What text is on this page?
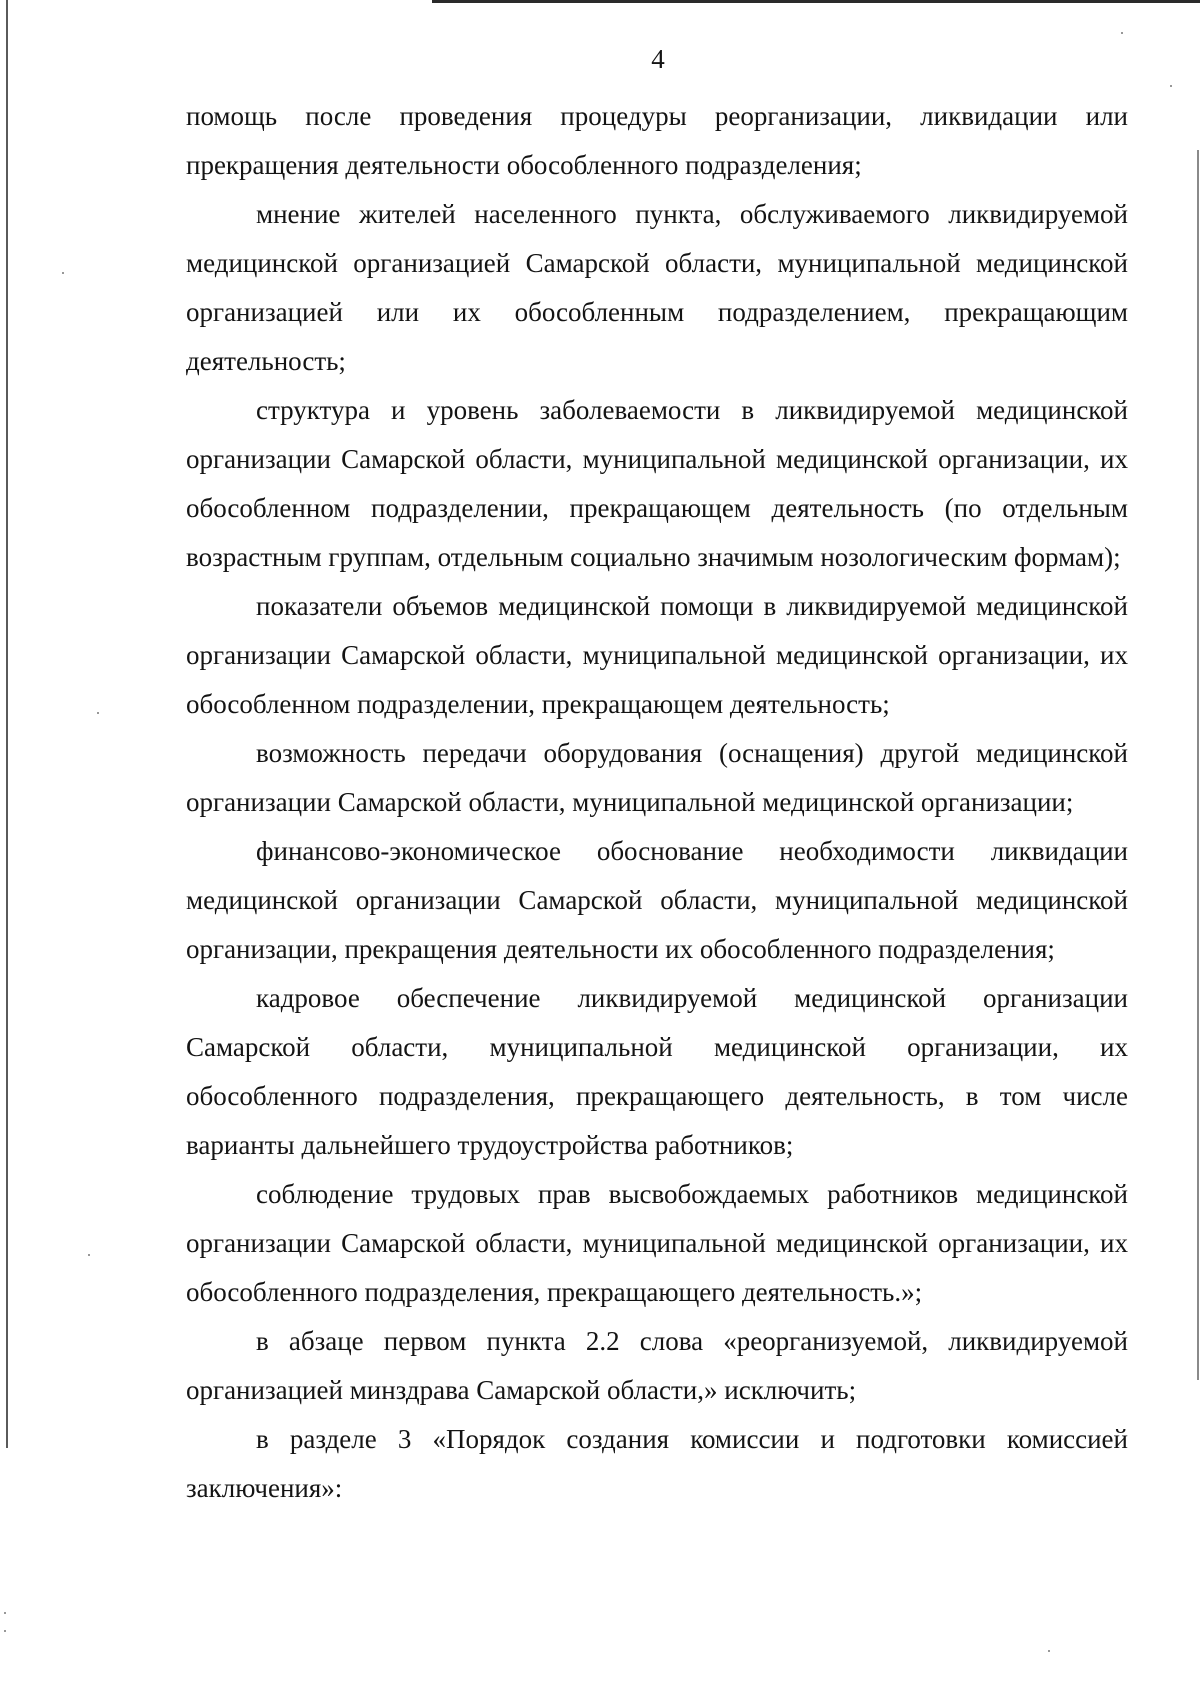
4

помощь после проведения процедуры реорганизации, ликвидации или прекращения деятельности обособленного подразделения;

мнение жителей населенного пункта, обслуживаемого ликвидируемой медицинской организацией Самарской области, муниципальной медицинской организацией или их обособленным подразделением, прекращающим деятельность;

структура и уровень заболеваемости в ликвидируемой медицинской организации Самарской области, муниципальной медицинской организации, их обособленном подразделении, прекращающем деятельность (по отдельным возрастным группам, отдельным социально значимым нозологическим формам);

показатели объемов медицинской помощи в ликвидируемой медицинской организации Самарской области, муниципальной медицинской организации, их обособленном подразделении, прекращающем деятельность;

возможность передачи оборудования (оснащения) другой медицинской организации Самарской области, муниципальной медицинской организации;

финансово-экономическое обоснование необходимости ликвидации медицинской организации Самарской области, муниципальной медицинской организации, прекращения деятельности их обособленного подразделения;

кадровое обеспечение ликвидируемой медицинской организации Самарской области, муниципальной медицинской организации, их обособленного подразделения, прекращающего деятельность, в том числе варианты дальнейшего трудоустройства работников;

соблюдение трудовых прав высвобождаемых работников медицинской организации Самарской области, муниципальной медицинской организации, их обособленного подразделения, прекращающего деятельность.»;

в абзаце первом пункта 2.2 слова «реорганизуемой, ликвидируемой организацией минздрава Самарской области,» исключить;

в разделе 3 «Порядок создания комиссии и подготовки комиссией заключения»:
